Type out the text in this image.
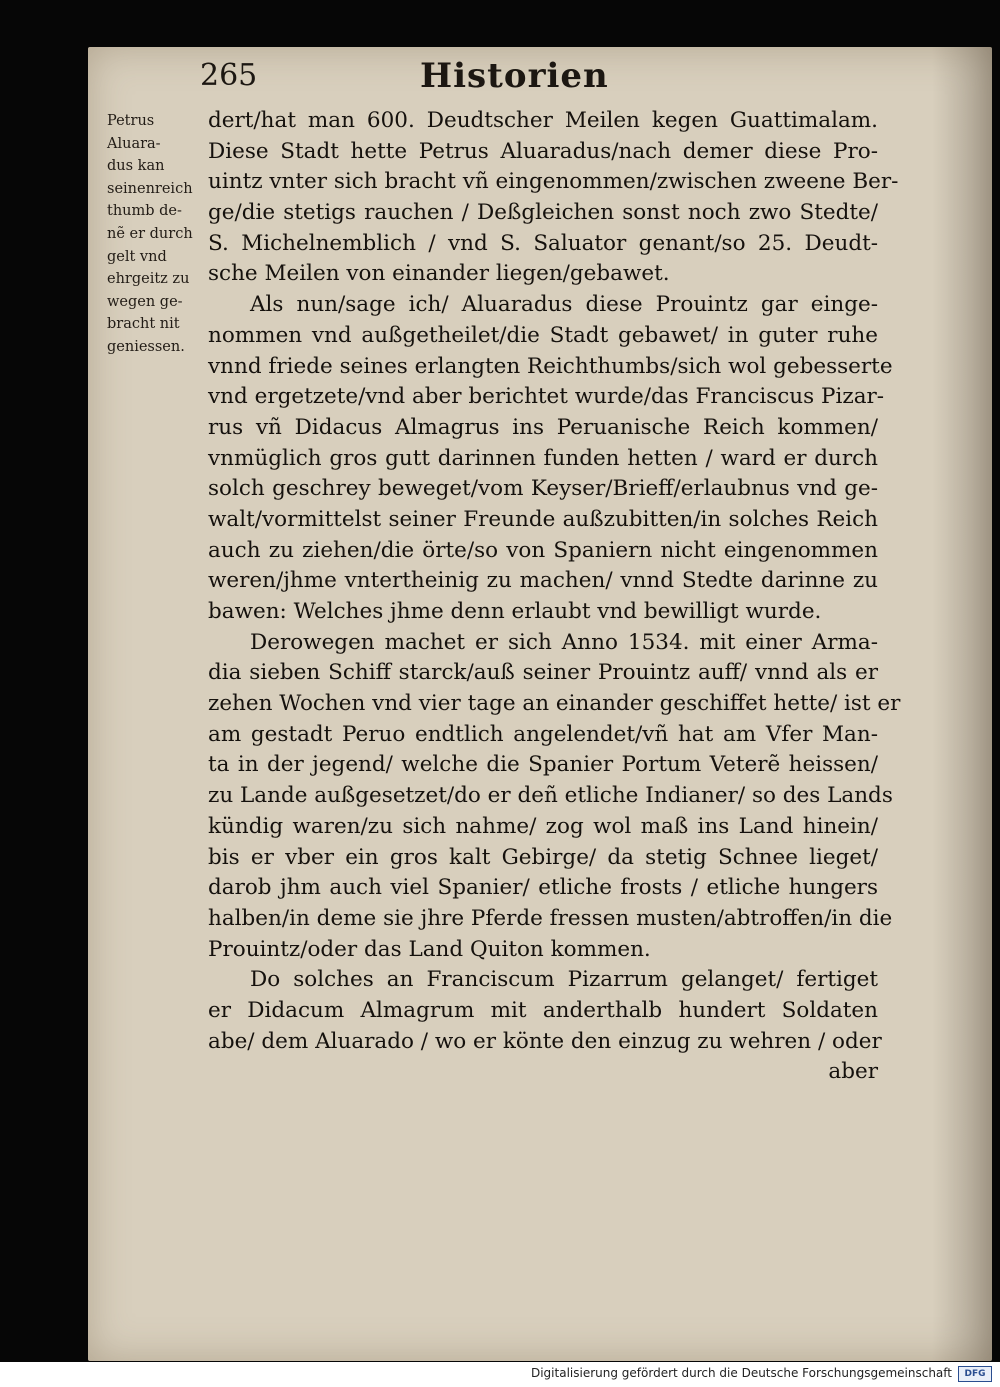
265	Historien
Petrus
Aluara-
dus kan
seinenreich
thumb de-
nẽ er durch
gelt vnd
ehrgeitz zu
wegen ge-
bracht nit
geniessen.
dert/hat man 600. Deudtscher Meilen kegen Guattimalam.
Diese Stadt hette Petrus Aluaradus/nach demer diese Pro-
uintz vnter sich bracht vñ eingenommen/zwischen zweene Ber-
ge/die stetigs rauchen / Deßgleichen sonst noch zwo Stedte/
S. Michelnemblich / vnd S. Saluator genant/so 25. Deudt-
sche Meilen von einander liegen/gebawet.
Als nun/sage ich/ Aluaradus diese Prouintz gar einge-
nommen vnd außgetheilet/die Stadt gebawet/ in guter ruhe
vnnd friede seines erlangten Reichthumbs/sich wol gebesserte
vnd ergetzete/vnd aber berichtet wurde/das Franciscus Pizar-
rus vñ Didacus Almagrus ins Peruanische Reich kommen/
vnmüglich gros gutt darinnen funden hetten / ward er durch
solch geschrey beweget/vom Keyser/Brieff/erlaubnus vnd ge-
walt/vormittelst seiner Freunde außzubitten/in solches Reich
auch zu ziehen/die örte/so von Spaniern nicht eingenommen
weren/jhme vntertheinig zu machen/ vnnd Stedte darinne zu
bawen: Welches jhme denn erlaubt vnd bewilligt wurde.
Derowegen machet er sich Anno 1534. mit einer Arma-
dia sieben Schiff starck/auß seiner Prouintz auff/ vnnd als er
zehen Wochen vnd vier tage an einander geschiffet hette/ ist er
am gestadt Peruo endtlich angelendet/vñ hat am Vfer Man-
ta in der jegend/ welche die Spanier Portum Veterẽ heissen/
zu Lande außgesetzet/do er deñ etliche Indianer/ so des Lands
kündig waren/zu sich nahme/ zog wol maß ins Land hinein/
bis er vber ein gros kalt Gebirge/ da stetig Schnee lieget/
darob jhm auch viel Spanier/ etliche frosts / etliche hungers
halben/in deme sie jhre Pferde fressen musten/abtroffen/in die
Prouintz/oder das Land Quiton kommen.
Do solches an Franciscum Pizarrum gelanget/ fertiget
er Didacum Almagrum mit anderthalb hundert Soldaten
abe/ dem Aluarado / wo er könte den einzug zu wehren / oder
aber
Digitalisierung gefördert durch die Deutsche Forschungsgemeinschaft	DFG
